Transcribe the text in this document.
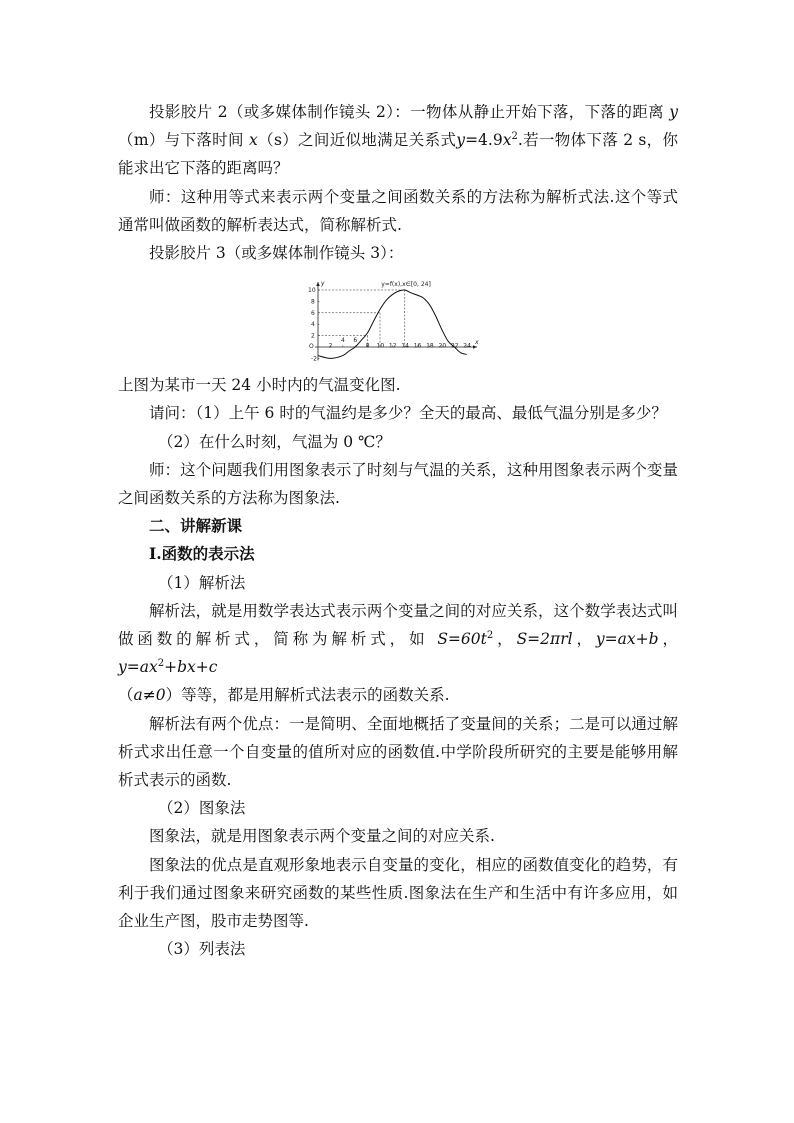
投影胶片 2（或多媒体制作镜头 2）：一物体从静止开始下落，下落的距离 y（m）与下落时间 x（s）之间近似地满足关系式$y=4.9x^2$.若一物体下落 2 s，你能求出它下落的距离吗？

师：这种用等式来表示两个变量之间函数关系的方法称为解析式法.这个等式通常叫做函数的解析表达式，简称解析式.

投影胶片 3（或多媒体制作镜头 3）：

y
x
O
y=f(x),x∈[0, 24]
2
4 6
8 10 12 14 16 18 20 22 24
10
8
6
4
2
-2

上图为某市一天 24 小时内的气温变化图.

请问：（1）上午 6 时的气温约是多少？全天的最高、最低气温分别是多少？

（2）在什么时刻，气温为 0 ℃？

师：这个问题我们用图象表示了时刻与气温的关系，这种用图象表示两个变量之间函数关系的方法称为图象法.

二、讲解新课

Ⅰ.函数的表示法

（1）解析法

解析法，就是用数学表达式表示两个变量之间的对应关系，这个数学表达式叫做函数的解析式，简称为解析式，如 $S=60t^2$，S=2πrl，y=ax+b，$y=ax^2+bx+c$
（a≠0）等等，都是用解析式法表示的函数关系.

解析法有两个优点：一是简明、全面地概括了变量间的关系；二是可以通过解析式求出任意一个自变量的值所对应的函数值.中学阶段所研究的主要是能够用解析式表示的函数.

（2）图象法

图象法，就是用图象表示两个变量之间的对应关系.

图象法的优点是直观形象地表示自变量的变化，相应的函数值变化的趋势，有利于我们通过图象来研究函数的某些性质.图象法在生产和生活中有许多应用，如企业生产图，股市走势图等.

（3）列表法
